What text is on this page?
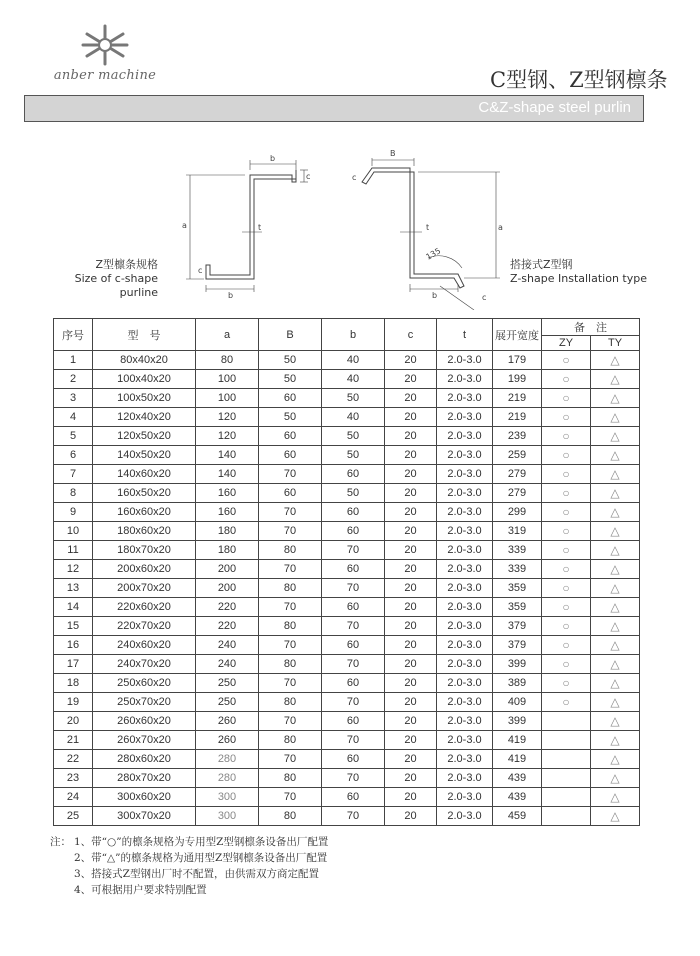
anber machine	C型钢、Z型钢檩条
C&Z-shape steel purlin
b
c
a	t
c
b
B
c
a
t
135
b	c
Z型檩条规格
Size of c-shape purline
搭接式Z型钢
Z-shape Installation type
序号	型　号	a	B	b	c	t	展开宽度	备　注	
								ZY	TY
1	80x40x20	80	50	40	20	2.0-3.0	179	○	△
2	100x40x20	100	50	40	20	2.0-3.0	199	○	△
3	100x50x20	100	60	50	20	2.0-3.0	219	○	△
4	120x40x20	120	50	40	20	2.0-3.0	219	○	△
5	120x50x20	120	60	50	20	2.0-3.0	239	○	△
6	140x50x20	140	60	50	20	2.0-3.0	259	○	△
7	140x60x20	140	70	60	20	2.0-3.0	279	○	△
8	160x50x20	160	60	50	20	2.0-3.0	279	○	△
9	160x60x20	160	70	60	20	2.0-3.0	299	○	△
10	180x60x20	180	70	60	20	2.0-3.0	319	○	△
11	180x70x20	180	80	70	20	2.0-3.0	339	○	△
12	200x60x20	200	70	60	20	2.0-3.0	339	○	△
13	200x70x20	200	80	70	20	2.0-3.0	359	○	△
14	220x60x20	220	70	60	20	2.0-3.0	359	○	△
15	220x70x20	220	80	70	20	2.0-3.0	379	○	△
16	240x60x20	240	70	60	20	2.0-3.0	379	○	△
17	240x70x20	240	80	70	20	2.0-3.0	399	○	△
18	250x60x20	250	70	60	20	2.0-3.0	389	○	△
19	250x70x20	250	80	70	20	2.0-3.0	409	○	△
20	260x60x20	260	70	60	20	2.0-3.0	399		△
21	260x70x20	260	80	70	20	2.0-3.0	419		△
22	280x60x20	280	70	60	20	2.0-3.0	419		△
23	280x70x20	280	80	70	20	2.0-3.0	439		△
24	300x60x20	300	70	60	20	2.0-3.0	439		△
25	300x70x20	300	80	70	20	2.0-3.0	459		△
注： 1、带“○”的檩条规格为专用型Z型钢檩条设备出厂配置
2、带“△”的檩条规格为通用型Z型钢檩条设备出厂配置
3、搭接式Z型钢出厂时不配置，由供需双方商定配置
4、可根据用户要求特别配置
